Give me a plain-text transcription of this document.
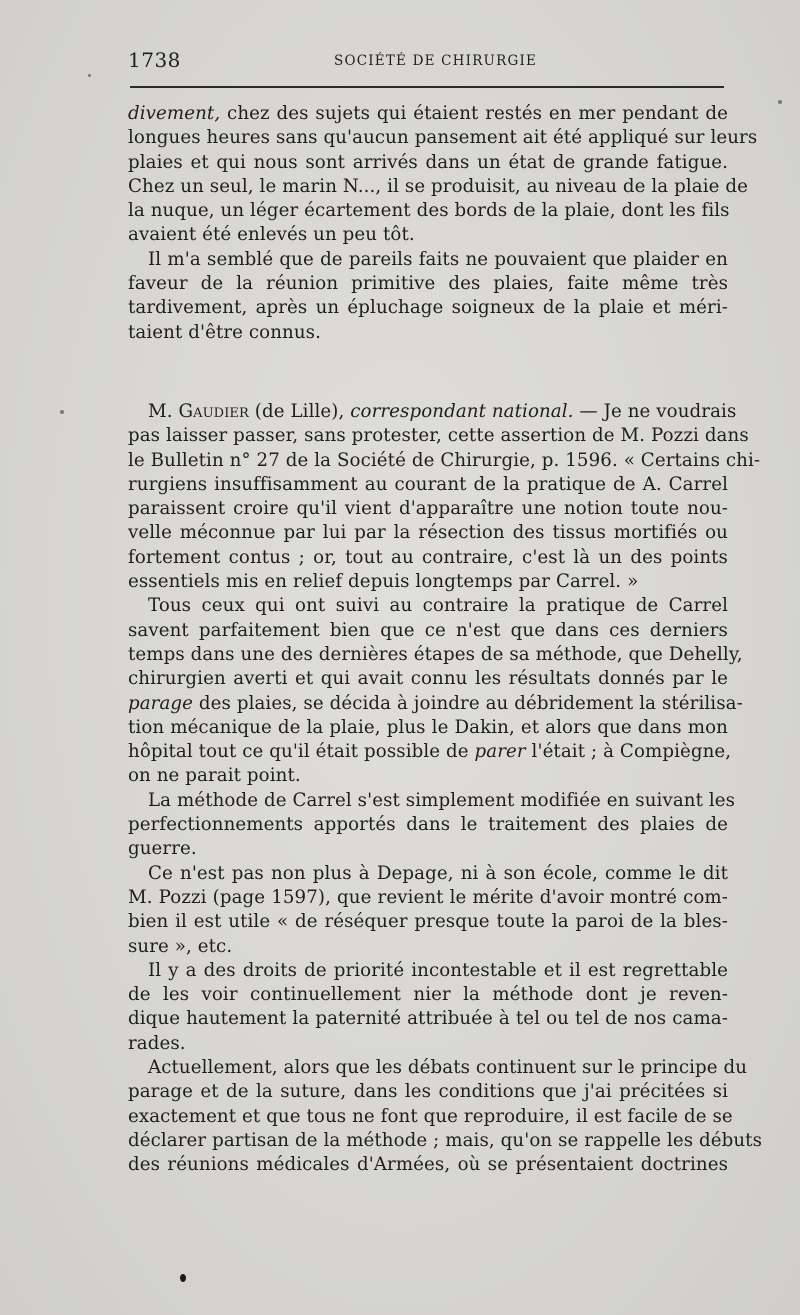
1738	SOCIÉTÉ DE CHIRURGIE
divement, chez des sujets qui étaient restés en mer pendant de
longues heures sans qu'aucun pansement ait été appliqué sur leurs
plaies et qui nous sont arrivés dans un état de grande fatigue.
Chez un seul, le marin N..., il se produisit, au niveau de la plaie de
la nuque, un léger écartement des bords de la plaie, dont les fils
avaient été enlevés un peu tôt.
Il m'a semblé que de pareils faits ne pouvaient que plaider en
faveur de la réunion primitive des plaies, faite même très
tardivement, après un épluchage soigneux de la plaie et méri-
taient d'être connus.
M. Gaudier (de Lille), correspondant national. — Je ne voudrais
pas laisser passer, sans protester, cette assertion de M. Pozzi dans
le Bulletin n° 27 de la Société de Chirurgie, p. 1596. « Certains chi-
rurgiens insuffisamment au courant de la pratique de A. Carrel
paraissent croire qu'il vient d'apparaître une notion toute nou-
velle méconnue par lui par la résection des tissus mortifiés ou
fortement contus ; or, tout au contraire, c'est là un des points
essentiels mis en relief depuis longtemps par Carrel. »
Tous ceux qui ont suivi au contraire la pratique de Carrel
savent parfaitement bien que ce n'est que dans ces derniers
temps dans une des dernières étapes de sa méthode, que Dehelly,
chirurgien averti et qui avait connu les résultats donnés par le
parage des plaies, se décida à joindre au débridement la stérilisa-
tion mécanique de la plaie, plus le Dakin, et alors que dans mon
hôpital tout ce qu'il était possible de parer l'était ; à Compiègne,
on ne parait point.
La méthode de Carrel s'est simplement modifiée en suivant les
perfectionnements apportés dans le traitement des plaies de
guerre.
Ce n'est pas non plus à Depage, ni à son école, comme le dit
M. Pozzi (page 1597), que revient le mérite d'avoir montré com-
bien il est utile « de réséquer presque toute la paroi de la bles-
sure », etc.
Il y a des droits de priorité incontestable et il est regrettable
de les voir continuellement nier la méthode dont je reven-
dique hautement la paternité attribuée à tel ou tel de nos cama-
rades.
Actuellement, alors que les débats continuent sur le principe du
parage et de la suture, dans les conditions que j'ai précitées si
exactement et que tous ne font que reproduire, il est facile de se
déclarer partisan de la méthode ; mais, qu'on se rappelle les débuts
des réunions médicales d'Armées, où se présentaient doctrines
